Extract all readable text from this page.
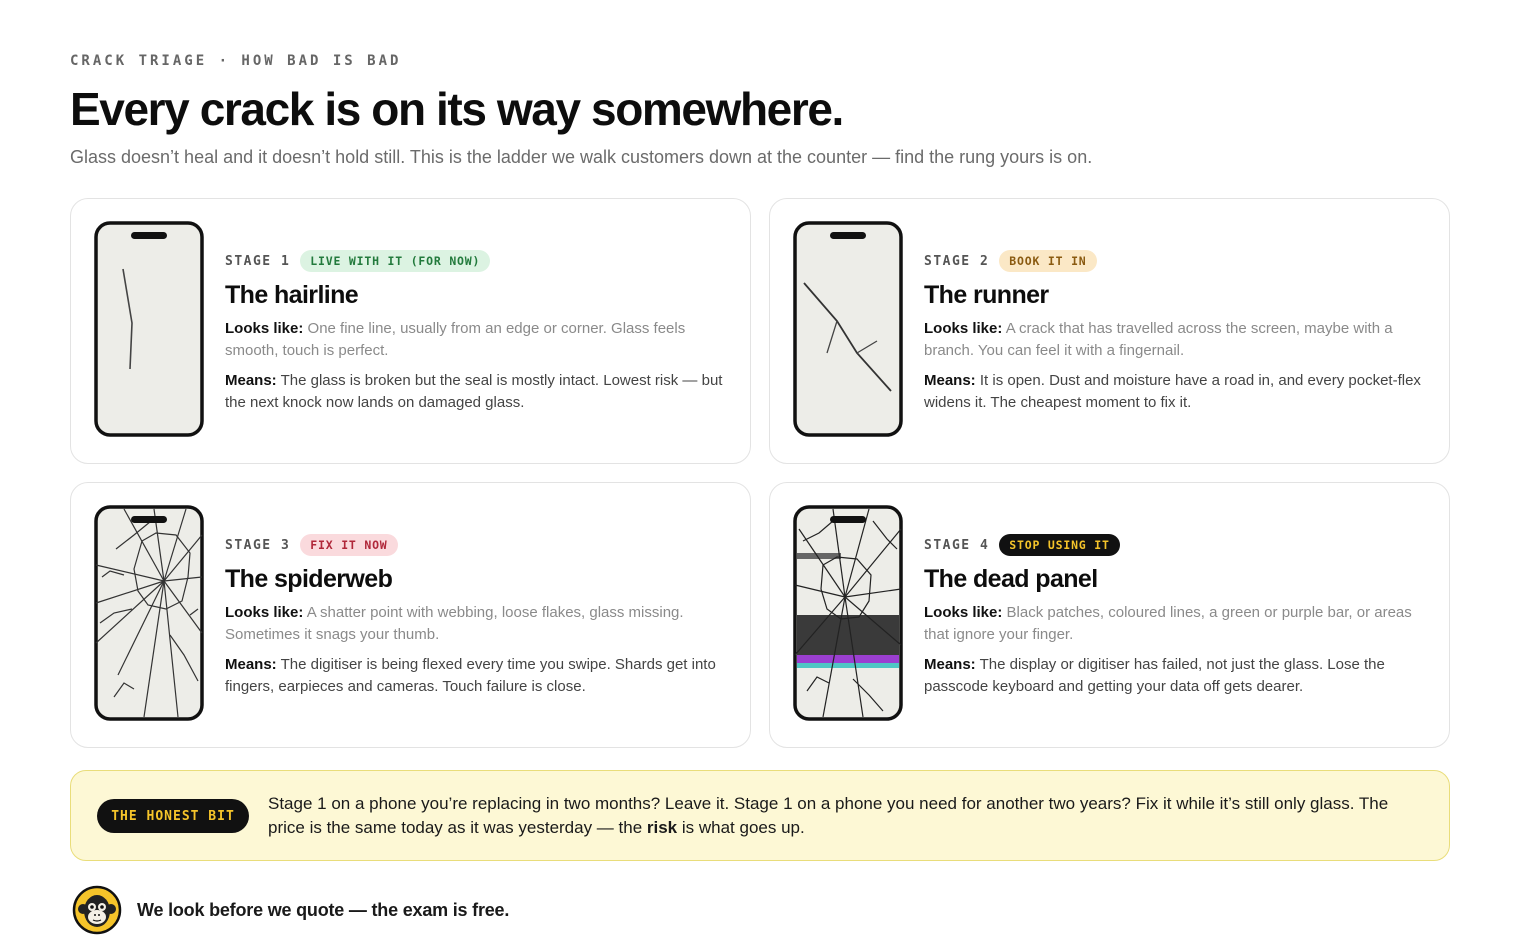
CRACK TRIAGE · HOW BAD IS BAD
Every crack is on its way somewhere.

Glass doesn’t heal and it doesn’t hold still. This is the ladder we walk customers down at the counter — find the rung yours is on.

STAGE 1	LIVE WITH IT (FOR NOW)
The hairline

Looks like: One fine line, usually from an edge or corner. Glass feels smooth, touch is perfect.

Means: The glass is broken but the seal is mostly intact. Lowest risk — but the next knock now lands on damaged glass.

STAGE 2	BOOK IT IN
The runner

Looks like: A crack that has travelled across the screen, maybe with a branch. You can feel it with a fingernail.

Means: It is open. Dust and moisture have a road in, and every pocket-flex widens it. The cheapest moment to fix it.

STAGE 3	FIX IT NOW
The spiderweb

Looks like: A shatter point with webbing, loose flakes, glass missing. Sometimes it snags your thumb.

Means: The digitiser is being flexed every time you swipe. Shards get into fingers, earpieces and cameras. Touch failure is close.

STAGE 4	STOP USING IT
The dead panel

Looks like: Black patches, coloured lines, a green or purple bar, or areas that ignore your finger.

Means: The display or digitiser has failed, not just the glass. Lose the passcode keyboard and getting your data off gets dearer.

THE HONEST BIT

Stage 1 on a phone you’re replacing in two months? Leave it. Stage 1 on a phone you need for another two years? Fix it while it’s still only glass. The price is the same today as it was yesterday — the risk is what goes up.

We look before we quote — the exam is free.
